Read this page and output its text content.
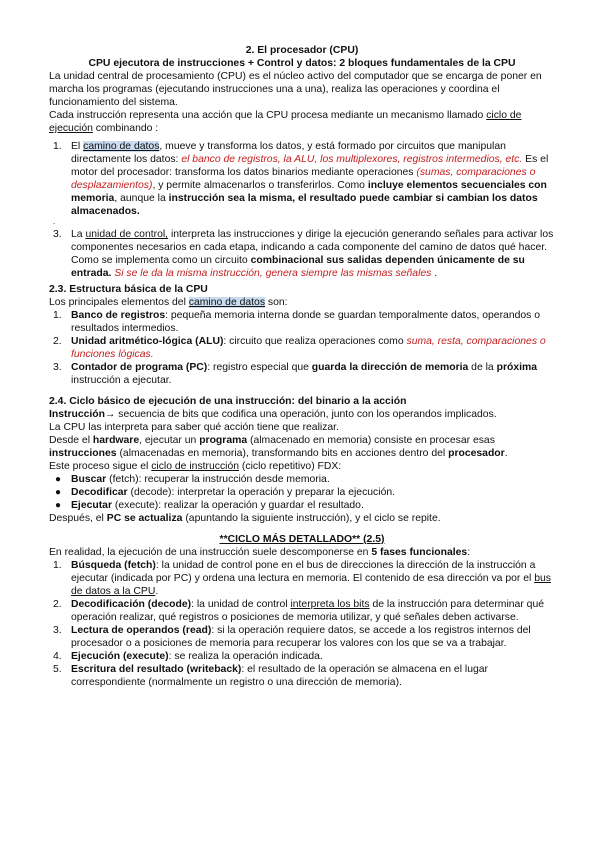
2. El procesador (CPU)

CPU ejecutora de instrucciones + Control y datos: 2 bloques fundamentales de la CPU

La unidad central de procesamiento (CPU) es el núcleo activo del computador que se encarga de poner en marcha los programas (ejecutando instrucciones una a una), realiza las operaciones y coordina el funcionamiento del sistema.

Cada instrucción representa una acción que la CPU procesa mediante un mecanismo llamado ciclo de ejecución combinando :

1. El camino de datos, mueve y transforma los datos, y está formado por circuitos que manipulan directamente los datos: el banco de registros, la ALU, los multiplexores, registros intermedios, etc. Es el motor del procesador: transforma los datos binarios mediante operaciones (sumas, comparaciones o desplazamientos), y permite almacenarlos o transferirlos. Como incluye elementos secuenciales con memoria, aunque la instrucción sea la misma, el resultado puede cambiar si cambian los datos almacenados.
.
3. La unidad de control, interpreta las instrucciones y dirige la ejecución generando señales para activar los componentes necesarios en cada etapa, indicando a cada componente del camino de datos qué hacer. Como se implementa como un circuito combinacional sus salidas dependen únicamente de su entrada. Si se le da la misma instrucción, genera siempre las mismas señales .

2.3. Estructura básica de la CPU

Los principales elementos del camino de datos son:

1. Banco de registros: pequeña memoria interna donde se guardan temporalmente datos, operandos o resultados intermedios.
2. Unidad aritmético-lógica (ALU): circuito que realiza operaciones como suma, resta, comparaciones o funciones lógicas.
3. Contador de programa (PC): registro especial que guarda la dirección de memoria de la próxima instrucción a ejecutar.

2.4. Ciclo básico de ejecución de una instrucción: del binario a la acción

Instrucción→ secuencia de bits que codifica una operación, junto con los operandos implicados.

La CPU las interpreta para saber qué acción tiene que realizar.

Desde el hardware, ejecutar un programa (almacenado en memoria) consiste en procesar esas instrucciones (almacenadas en memoria), transformando bits en acciones dentro del procesador.

Este proceso sigue el ciclo de instrucción (ciclo repetitivo) FDX:

● Buscar (fetch): recuperar la instrucción desde memoria.
● Decodificar (decode): interpretar la operación y preparar la ejecución.
● Ejecutar (execute): realizar la operación y guardar el resultado.

Después, el PC se actualiza (apuntando la siguiente instrucción), y el ciclo se repite.

**CICLO MÁS DETALLADO** (2.5)

En realidad, la ejecución de una instrucción suele descomponerse en 5 fases funcionales:

1. Búsqueda (fetch): la unidad de control pone en el bus de direcciones la dirección de la instrucción a ejecutar (indicada por PC) y ordena una lectura en memoria. El contenido de esa dirección va por el bus de datos a la CPU.
2. Decodificación (decode): la unidad de control interpreta los bits de la instrucción para determinar qué operación realizar, qué registros o posiciones de memoria utilizar, y qué señales deben activarse.
3. Lectura de operandos (read): si la operación requiere datos, se accede a los registros internos del procesador o a posiciones de memoria para recuperar los valores con los que se va a trabajar.
4. Ejecución (execute): se realiza la operación indicada.
5. Escritura del resultado (writeback): el resultado de la operación se almacena en el lugar correspondiente (normalmente un registro o una dirección de memoria).
